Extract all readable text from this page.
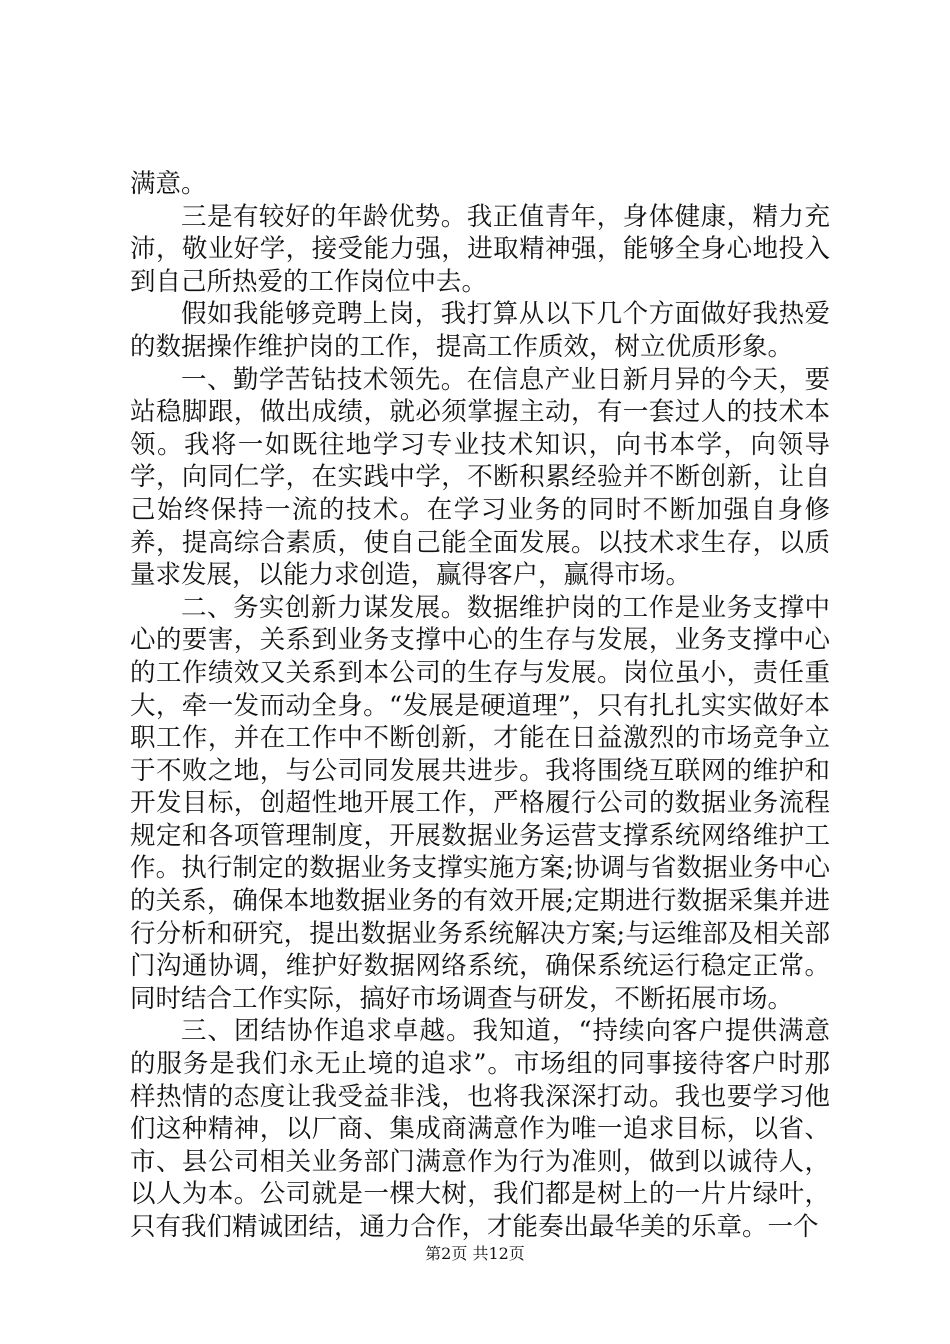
满意。

三是有较好的年龄优势。我正值青年，身体健康，精力充沛，敬业好学，接受能力强，进取精神强，能够全身心地投入到自己所热爱的工作岗位中去。

假如我能够竞聘上岗，我打算从以下几个方面做好我热爱的数据操作维护岗的工作，提高工作质效，树立优质形象。

一、勤学苦钻技术领先。在信息产业日新月异的今天，要站稳脚跟，做出成绩，就必须掌握主动，有一套过人的技术本领。我将一如既往地学习专业技术知识，向书本学，向领导学，向同仁学，在实践中学，不断积累经验并不断创新，让自己始终保持一流的技术。在学习业务的同时不断加强自身修养，提高综合素质，使自己能全面发展。以技术求生存，以质量求发展，以能力求创造，赢得客户，赢得市场。

二、务实创新力谋发展。数据维护岗的工作是业务支撑中心的要害，关系到业务支撑中心的生存与发展，业务支撑中心的工作绩效又关系到本公司的生存与发展。岗位虽小，责任重大，牵一发而动全身。“发展是硬道理”，只有扎扎实实做好本职工作，并在工作中不断创新，才能在日益激烈的市场竞争立于不败之地，与公司同发展共进步。我将围绕互联网的维护和开发目标，创超性地开展工作，严格履行公司的数据业务流程规定和各项管理制度，开展数据业务运营支撑系统网络维护工作。执行制定的数据业务支撑实施方案;协调与省数据业务中心的关系，确保本地数据业务的有效开展;定期进行数据采集并进行分析和研究，提出数据业务系统解决方案;与运维部及相关部门沟通协调，维护好数据网络系统，确保系统运行稳定正常。同时结合工作实际，搞好市场调查与研发，不断拓展市场。

三、团结协作追求卓越。我知道，“持续向客户提供满意的服务是我们永无止境的追求”。市场组的同事接待客户时那样热情的态度让我受益非浅，也将我深深打动。我也要学习他们这种精神，以厂商、集成商满意作为唯一追求目标，以省、市、县公司相关业务部门满意作为行为准则，做到以诚待人，以人为本。公司就是一棵大树，我们都是树上的一片片绿叶，只有我们精诚团结，通力合作，才能奏出最华美的乐章。一个

第2页 共12页
